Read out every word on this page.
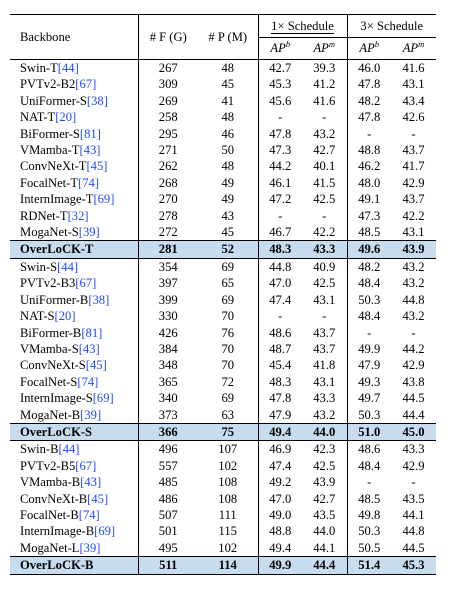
Backbone	# F (G)	# P (M)	1× Schedule		3× Schedule	
			$AP^b$	$AP^m$	$AP^b$	$AP^m$
Swin-T[44]	267	48	42.7	39.3	46.0	41.6
PVTv2-B2[67]	309	45	45.3	41.2	47.8	43.1
UniFormer-S[38]	269	41	45.6	41.6	48.2	43.4
NAT-T[20]	258	48	-	-	47.8	42.6
BiFormer-S[81]	295	46	47.8	43.2	-	-
VMamba-T[43]	271	50	47.3	42.7	48.8	43.7
ConvNeXt-T[45]	262	48	44.2	40.1	46.2	41.7
FocalNet-T[74]	268	49	46.1	41.5	48.0	42.9
InternImage-T[69]	270	49	47.2	42.5	49.1	43.7
RDNet-T[32]	278	43	-	-	47.3	42.2
MogaNet-S[39]	272	45	46.7	42.2	48.5	43.1
OverLoCK-T	281	52	48.3	43.3	49.6	43.9
Swin-S[44]	354	69	44.8	40.9	48.2	43.2
PVTv2-B3[67]	397	65	47.0	42.5	48.4	43.2
UniFormer-B[38]	399	69	47.4	43.1	50.3	44.8
NAT-S[20]	330	70	-	-	48.4	43.2
BiFormer-B[81]	426	76	48.6	43.7	-	-
VMamba-S[43]	384	70	48.7	43.7	49.9	44.2
ConvNeXt-S[45]	348	70	45.4	41.8	47.9	42.9
FocalNet-S[74]	365	72	48.3	43.1	49.3	43.8
InternImage-S[69]	340	69	47.8	43.3	49.7	44.5
MogaNet-B[39]	373	63	47.9	43.2	50.3	44.4
OverLoCK-S	366	75	49.4	44.0	51.0	45.0
Swin-B[44]	496	107	46.9	42.3	48.6	43.3
PVTv2-B5[67]	557	102	47.4	42.5	48.4	42.9
VMamba-B[43]	485	108	49.2	43.9	-	-
ConvNeXt-B[45]	486	108	47.0	42.7	48.5	43.5
FocalNet-B[74]	507	111	49.0	43.5	49.8	44.1
InternImage-B[69]	501	115	48.8	44.0	50.3	44.8
MogaNet-L[39]	495	102	49.4	44.1	50.5	44.5
OverLoCK-B	511	114	49.9	44.4	51.4	45.3
